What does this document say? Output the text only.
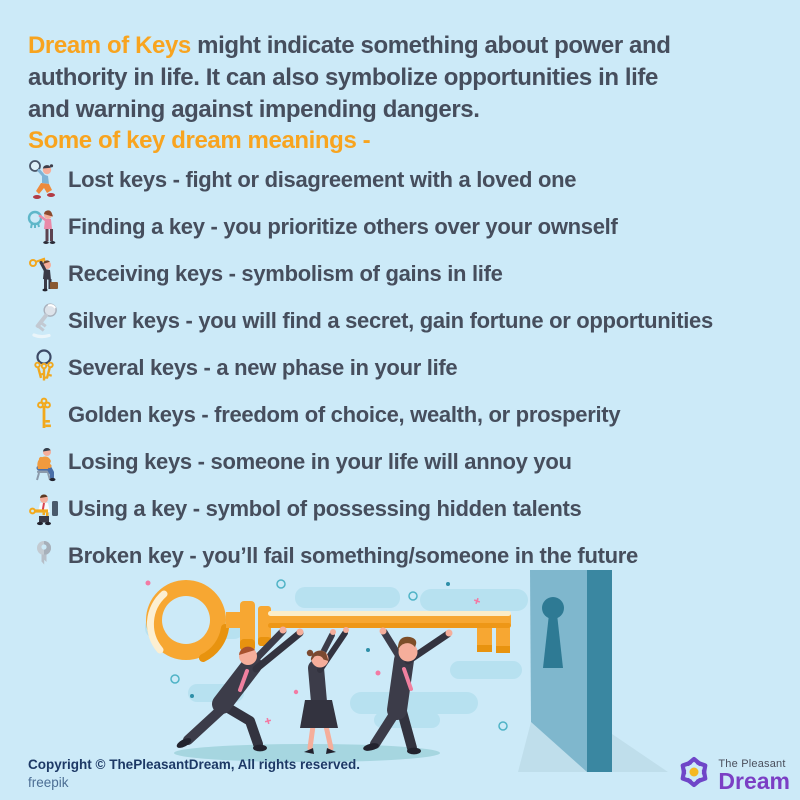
Dream of Keys might indicate something about power and
authority in life. It can also symbolize opportunities in life
and warning against impending dangers.
Some of key dream meanings -
Lost keys - fight or disagreement with a loved one
Finding a key - you prioritize others over your ownself
Receiving keys - symbolism of gains in life
Silver keys - you will find a secret, gain fortune or opportunities
Several keys - a new phase in your life
Golden keys - freedom of choice, wealth, or prosperity
Losing keys - someone in your life will annoy you
Using a key - symbol of possessing hidden talents
Broken key - you’ll fail something/someone in the future
Copyright © ThePleasantDream, All rights reserved.
freepik
The Pleasant
Dream
